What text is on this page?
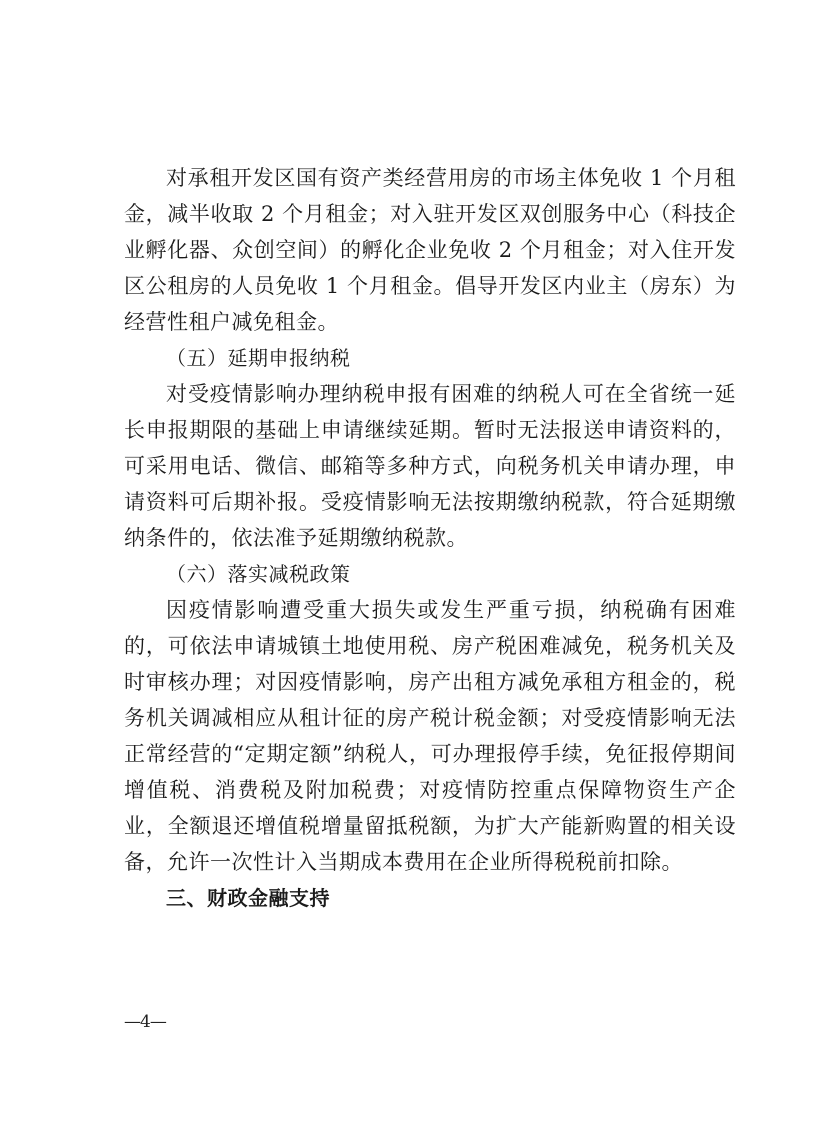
对承租开发区国有资产类经营用房的市场主体免收 1 个月租金，减半收取 2 个月租金；对入驻开发区双创服务中心（科技企业孵化器、众创空间）的孵化企业免收 2 个月租金；对入住开发区公租房的人员免收 1 个月租金。倡导开发区内业主（房东）为经营性租户减免租金。

（五）延期申报纳税

对受疫情影响办理纳税申报有困难的纳税人可在全省统一延长申报期限的基础上申请继续延期。暂时无法报送申请资料的，可采用电话、微信、邮箱等多种方式，向税务机关申请办理，申请资料可后期补报。受疫情影响无法按期缴纳税款，符合延期缴纳条件的，依法准予延期缴纳税款。

（六）落实减税政策

因疫情影响遭受重大损失或发生严重亏损，纳税确有困难的，可依法申请城镇土地使用税、房产税困难减免，税务机关及时审核办理；对因疫情影响，房产出租方减免承租方租金的，税务机关调减相应从租计征的房产税计税金额；对受疫情影响无法正常经营的“定期定额”纳税人，可办理报停手续，免征报停期间增值税、消费税及附加税费；对疫情防控重点保障物资生产企业，全额退还增值税增量留抵税额，为扩大产能新购置的相关设备，允许一次性计入当期成本费用在企业所得税税前扣除。

三、财政金融支持

—4—
